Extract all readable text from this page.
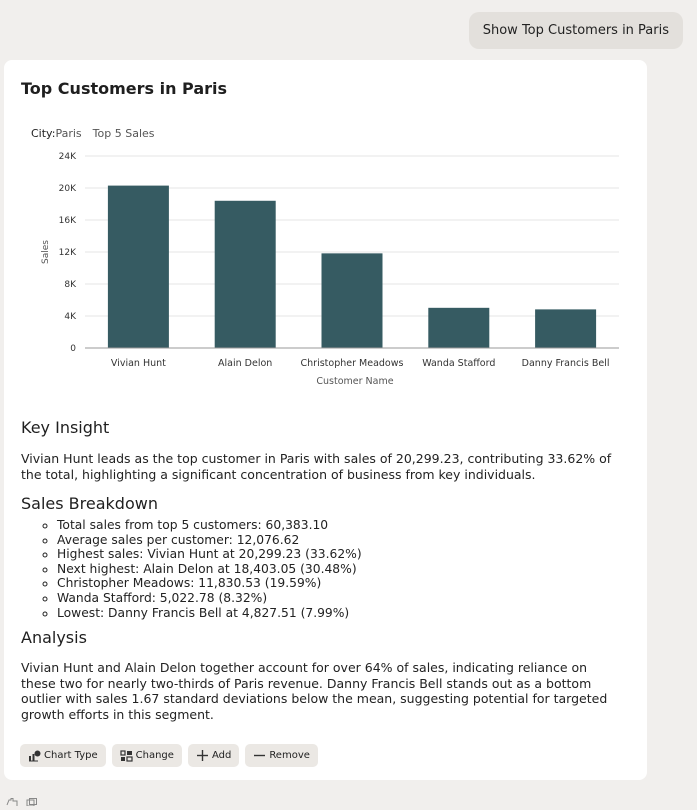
Show Top Customers in Paris
Top Customers in Paris
City:Paris Top 5 Sales
0
4K
8K
12K
16K
20K
24K
Vivian Hunt	Alain Delon	Christopher Meadows Wanda Stafford	Danny Francis Bell
Sales
Customer Name
Key Insight
Vivian Hunt leads as the top customer in Paris with sales of 20,299.23, contributing 33.62% of the total, highlighting a significant concentration of business from key individuals.
Sales Breakdown
◦ Total sales from top 5 customers: 60,383.10
◦ Average sales per customer: 12,076.62
◦ Highest sales: Vivian Hunt at 20,299.23 (33.62%)
◦ Next highest: Alain Delon at 18,403.05 (30.48%)
◦ Christopher Meadows: 11,830.53 (19.59%)
◦ Wanda Stafford: 5,022.78 (8.32%)
◦ Lowest: Danny Francis Bell at 4,827.51 (7.99%)
Analysis
Vivian Hunt and Alain Delon together account for over 64% of sales, indicating reliance on these two for nearly two-thirds of Paris revenue. Danny Francis Bell stands out as a bottom outlier with sales 1.67 standard deviations below the mean, suggesting potential for targeted growth efforts in this segment.
Chart Type	Change	Add	Remove
